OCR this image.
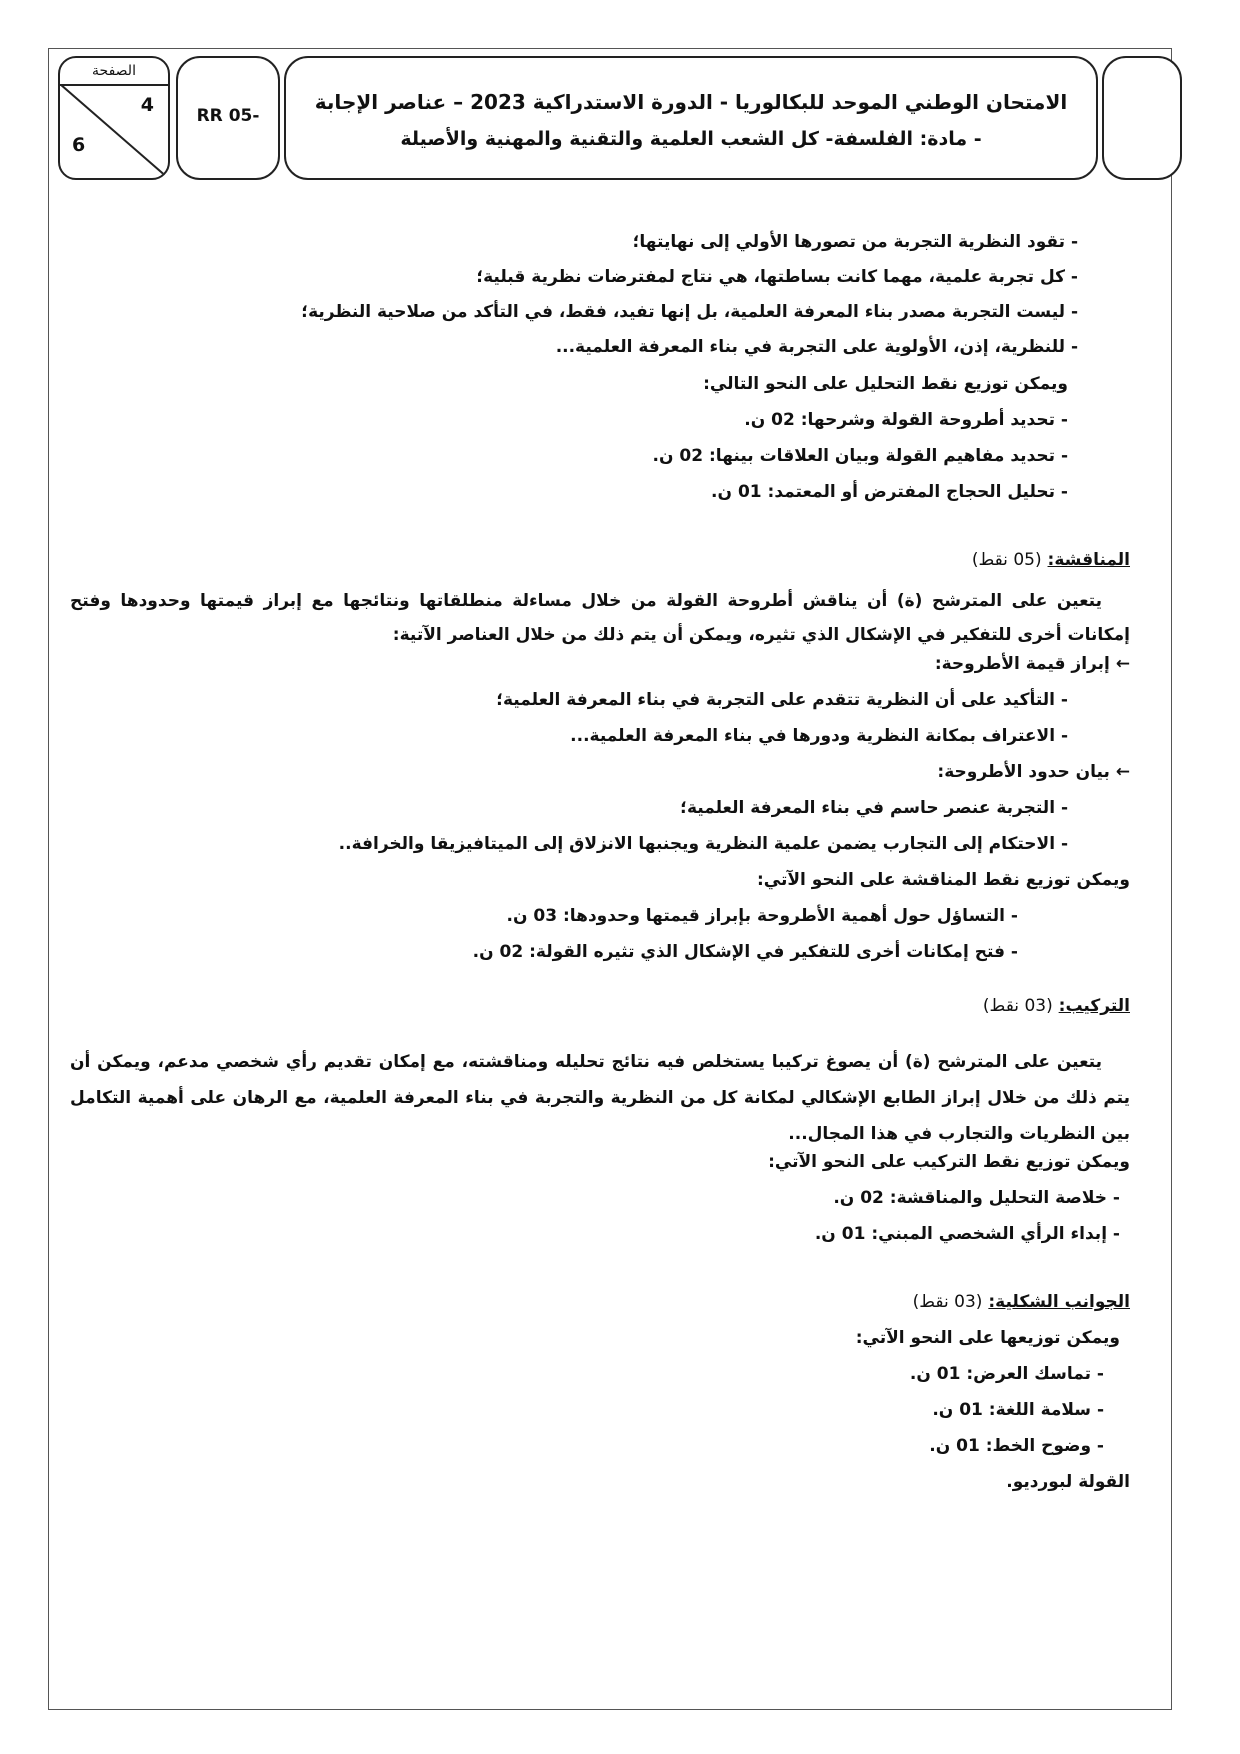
الصفحة
4
6
RR 05-
الامتحان الوطني الموحد للبكالوريا - الدورة الاستدراكية 2023 – عناصر الإجابة
- مادة: الفلسفة- كل الشعب العلمية والتقنية والمهنية والأصيلة
- تقود النظرية التجربة من تصورها الأولي إلى نهايتها؛
- كل تجربة علمية، مهما كانت بساطتها، هي نتاج لمفترضات نظرية قبلية؛
- ليست التجربة مصدر بناء المعرفة العلمية، بل إنها تفيد، فقط، في التأكد من صلاحية النظرية؛
- للنظرية، إذن، الأولوية على التجربة في بناء المعرفة العلمية...
ويمكن توزيع نقط التحليل على النحو التالي:
- تحديد أطروحة القولة وشرحها: 02 ن.
- تحديد مفاهيم القولة وبيان العلاقات بينها: 02 ن.
- تحليل الحجاج المفترض أو المعتمد: 01 ن.
المناقشة: (05 نقط)
يتعين على المترشح (ة) أن يناقش أطروحة القولة من خلال مساءلة منطلقاتها ونتائجها مع إبراز قيمتها وحدودها وفتح إمكانات أخرى للتفكير في الإشكال الذي تثيره، ويمكن أن يتم ذلك من خلال العناصر الآتية:
← إبراز قيمة الأطروحة:
- التأكيد على أن النظرية تتقدم على التجربة في بناء المعرفة العلمية؛
- الاعتراف بمكانة النظرية ودورها في بناء المعرفة العلمية...
← بيان حدود الأطروحة:
- التجربة عنصر حاسم في بناء المعرفة العلمية؛
- الاحتكام إلى التجارب يضمن علمية النظرية ويجنبها الانزلاق إلى الميتافيزيقا والخرافة..
ويمكن توزيع نقط المناقشة على النحو الآتي:
- التساؤل حول أهمية الأطروحة بإبراز قيمتها وحدودها: 03 ن.
- فتح إمكانات أخرى للتفكير في الإشكال الذي تثيره القولة: 02 ن.
التركيب: (03 نقط)
يتعين على المترشح (ة) أن يصوغ تركيبا يستخلص فيه نتائج تحليله ومناقشته، مع إمكان تقديم رأي شخصي مدعم، ويمكن أن يتم ذلك من خلال إبراز الطابع الإشكالي لمكانة كل من النظرية والتجربة في بناء المعرفة العلمية، مع الرهان على أهمية التكامل بين النظريات والتجارب في هذا المجال...
ويمكن توزيع نقط التركيب على النحو الآتي:
- خلاصة التحليل والمناقشة: 02 ن.
- إبداء الرأي الشخصي المبني: 01 ن.
الجوانب الشكلية: (03 نقط)
ويمكن توزيعها على النحو الآتي:
- تماسك العرض: 01 ن.
- سلامة اللغة: 01 ن.
- وضوح الخط: 01 ن.
القولة لبورديو.
